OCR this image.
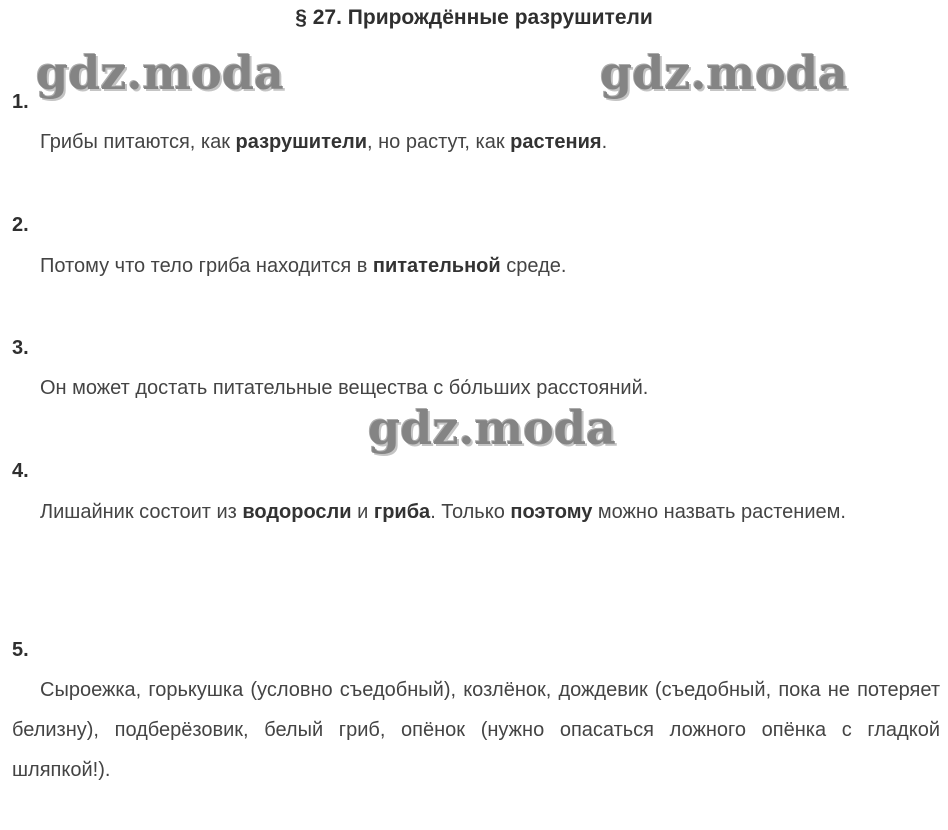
§ 27. Прирождённые разрушители
gdz.moda	gdz.moda
gdz.moda
1.
Грибы питаются, как разрушители, но растут, как растения.
2.
Потому что тело гриба находится в питательной среде.
3.
Он может достать питательные вещества с бо́льших расстояний.
4.
Лишайник состоит из водоросли и гриба. Только поэтому можно назвать растением.
5.
Сыроежка, горькушка (условно съедобный), козлёнок, дождевик (съедобный, пока не потеряет белизну), подберёзовик, белый гриб, опёнок (нужно опасаться ложного опёнка с гладкой шляпкой!).
